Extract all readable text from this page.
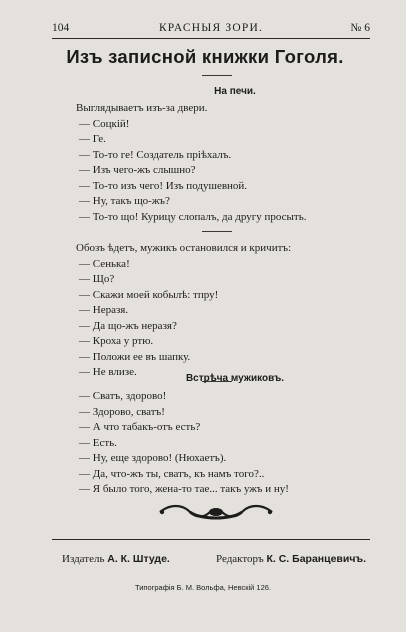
104	КРАСНЫЯ ЗОРИ.	№ 6
Изъ записной книжки Гоголя.
На печи.
Выглядываетъ изъ-за двери.
— Соцкiй!
— Ге.
— То-то ге! Создатель прiѣхалъ.
— Изъ чего-жъ слышно?
— То-то изъ чего! Изъ подушевной.
— Ну, такъ що-жъ?
— То-то що! Курицу слопалъ, да другу просыть.
Обозъ ѣдетъ, мужикъ остановился и кричитъ:
— Сенька!
— Що?
— Скажи моей кобылѣ: тпру!
— Неразя.
— Да що-жъ неразя?
— Кроха у ртю.
— Положи ее въ шапку.
— Не влизе.
Встрѣча мужиковъ.
— Сватъ, здорово!
— Здорово, сватъ!
— А что табакъ-отъ есть?
— Есть.
— Ну, еще здорово! (Нюхаетъ).
— Да, что-жъ ты, сватъ, къ намъ того?..
— Я было того, жена-то тае... такъ ужъ и ну!
Издатель А. К. Штуде.	Редакторъ К. С. Баранцевичъ.
Типографiя Б. М. Вольфа, Невскiй 126.
